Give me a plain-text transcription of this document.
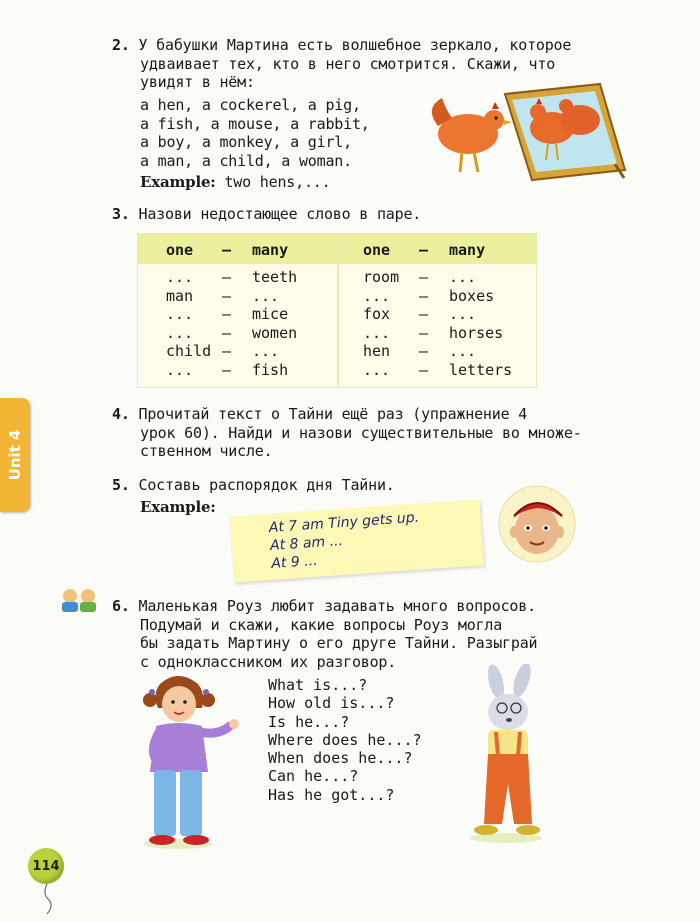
Unit 4
2. У бабушки Мартина есть волшебное зеркало, которое
удваивает тех, кто в него смотрится. Скажи, что
увидят в нём:
a hen, a cockerel, a pig,
a fish, a mouse, a rabbit,
a boy, a monkey, a girl,
a man, a child, a woman.
Example: two hens,...
3. Назови недостающее слово в паре.
one — many	one — many
...	—	teeth
man	—	...
...	—	mice
...	—	women
child —	...
...	—	fish
room	—	...
...	—	boxes
fox	—	...
...	—	horses
hen	—	...
...	—	letters
4. Прочитай текст о Тайни ещё раз (упражнение 4
урок 60). Найди и назови существительные во множе-
ственном числе.
5. Составь распорядок дня Тайни.
Example:
At 7 am Tiny gets up.
At 8 am ...
At 9 ...
6. Маленькая Роуз любит задавать много вопросов.
Подумай и скажи, какие вопросы Роуз могла
бы задать Мартину о его друге Тайни. Разыграй
с одноклассником их разговор.
What is...?
How old is...?
Is he...?
Where does he...?
When does he...?
Can he...?
Has he got...?
114
